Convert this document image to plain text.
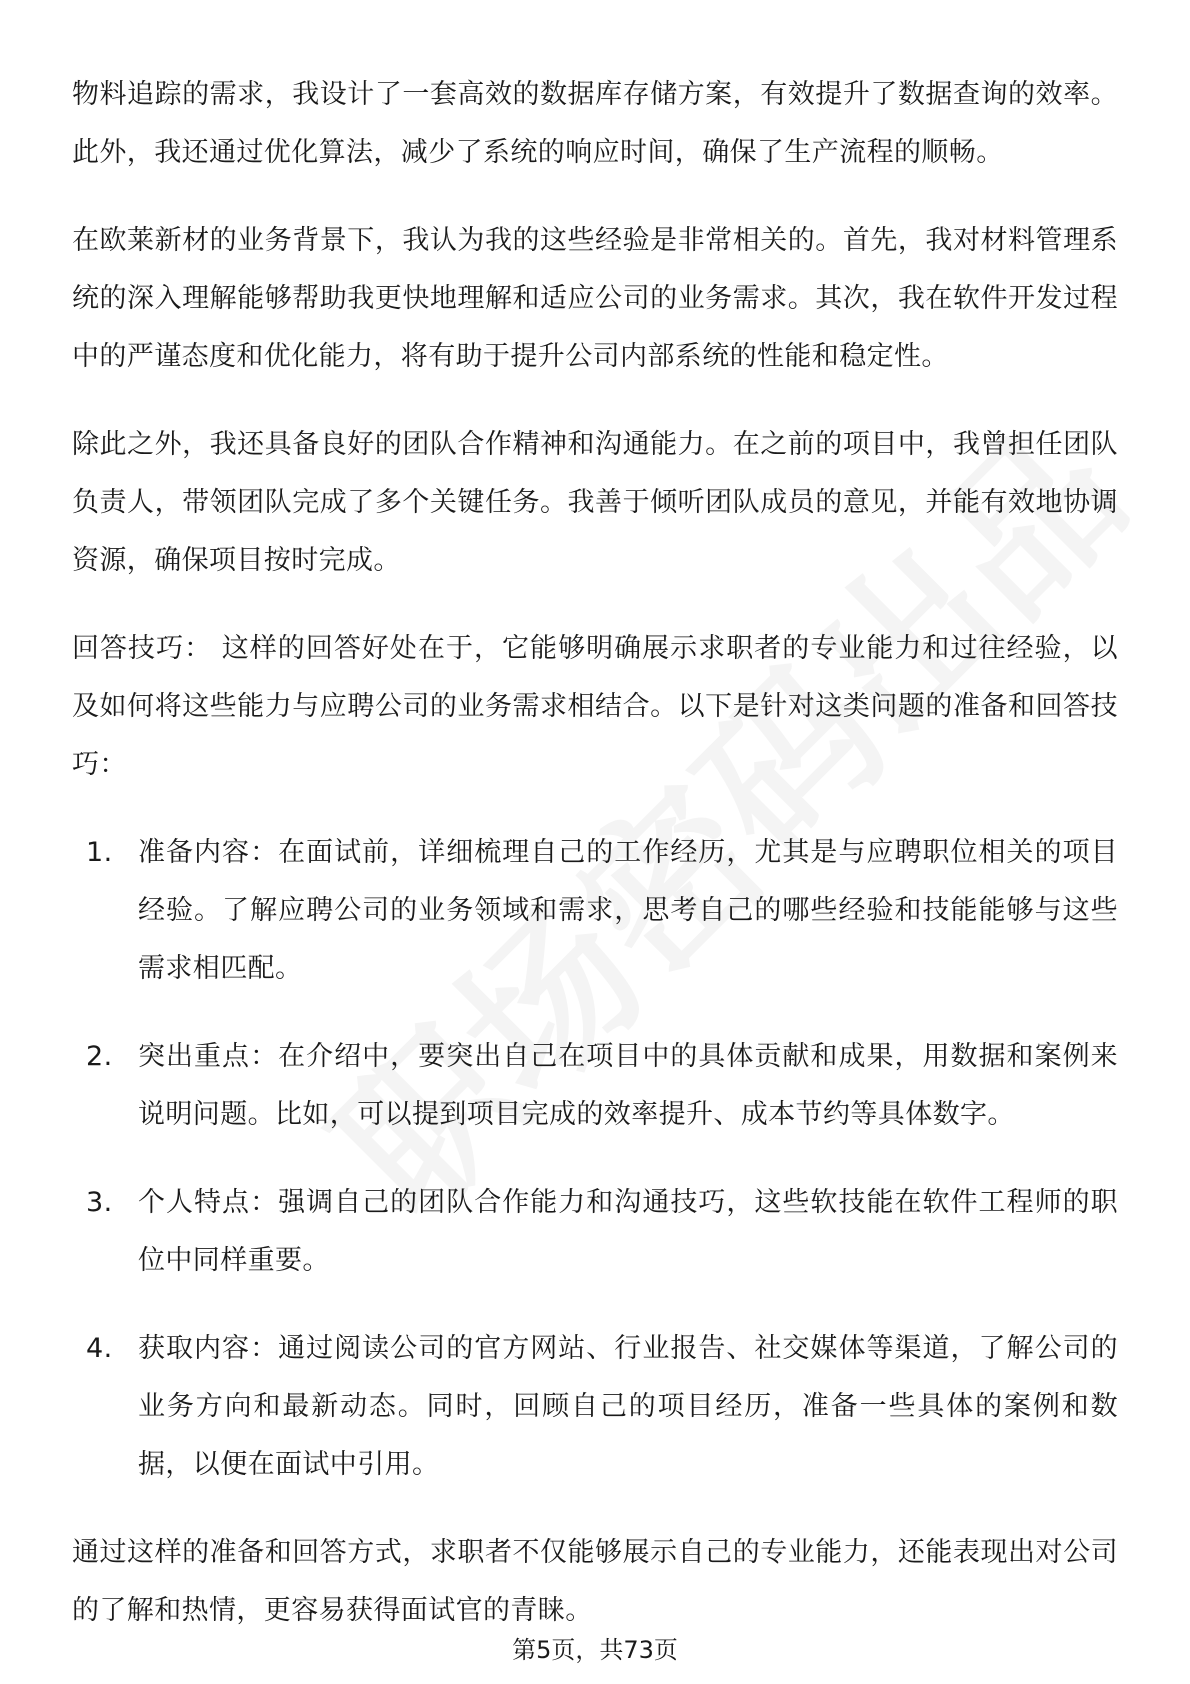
物料追踪的需求，我设计了一套高效的数据库存储方案，有效提升了数据查询的效率。此外，我还通过优化算法，减少了系统的响应时间，确保了生产流程的顺畅。

在欧莱新材的业务背景下，我认为我的这些经验是非常相关的。首先，我对材料管理系统的深入理解能够帮助我更快地理解和适应公司的业务需求。其次，我在软件开发过程中的严谨态度和优化能力，将有助于提升公司内部系统的性能和稳定性。

除此之外，我还具备良好的团队合作精神和沟通能力。在之前的项目中，我曾担任团队负责人，带领团队完成了多个关键任务。我善于倾听团队成员的意见，并能有效地协调资源，确保项目按时完成。

回答技巧： 这样的回答好处在于，它能够明确展示求职者的专业能力和过往经验，以及如何将这些能力与应聘公司的业务需求相结合。以下是针对这类问题的准备和回答技巧：

1. 准备内容：在面试前，详细梳理自己的工作经历，尤其是与应聘职位相关的项目经验。了解应聘公司的业务领域和需求，思考自己的哪些经验和技能能够与这些需求相匹配。
2. 突出重点：在介绍中，要突出自己在项目中的具体贡献和成果，用数据和案例来说明问题。比如，可以提到项目完成的效率提升、成本节约等具体数字。
3. 个人特点：强调自己的团队合作能力和沟通技巧，这些软技能在软件工程师的职位中同样重要。
4. 获取内容：通过阅读公司的官方网站、行业报告、社交媒体等渠道，了解公司的业务方向和最新动态。同时，回顾自己的项目经历，准备一些具体的案例和数据，以便在面试中引用。

通过这样的准备和回答方式，求职者不仅能够展示自己的专业能力，还能表现出对公司的了解和热情，更容易获得面试官的青睐。

第5页，共73页
